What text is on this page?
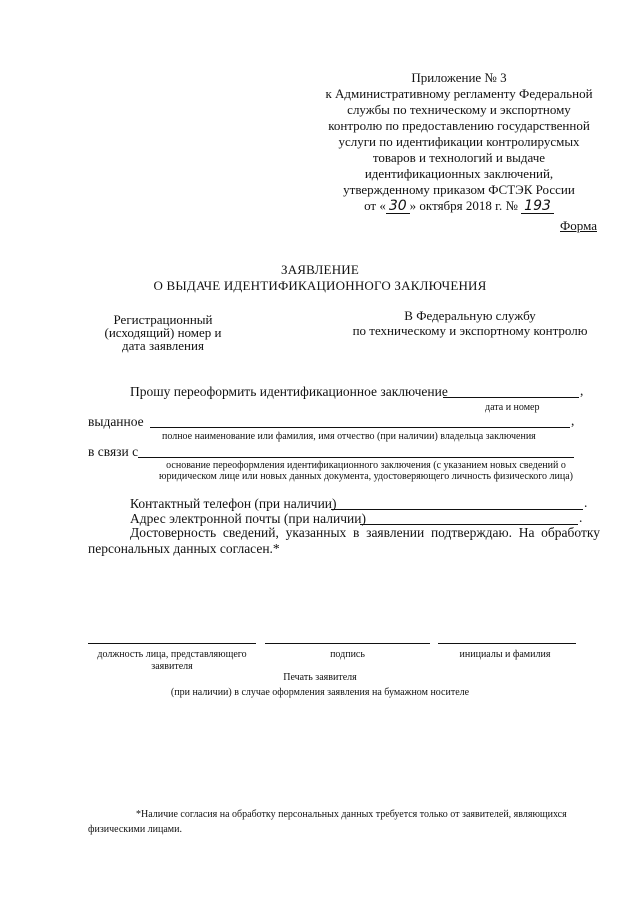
Приложение № 3
к Административному регламенту Федеральной
службы по техническому и экспортному
контролю по предоставлению государственной
услуги по идентификации контролирусмых
товаров и технологий и выдаче
идентификационных заключений,
утвержденному приказом ФСТЭК России
от « 30 » октября 2018 г. № 193
Форма
ЗАЯВЛЕНИЕ
О ВЫДАЧЕ ИДЕНТИФИКАЦИОННОГО ЗАКЛЮЧЕНИЯ
Регистрационный
(исходящий) номер и
дата заявления
В Федеральную службу
по техническому и экспортному контролю
Прошу переоформить идентификационное заключение	,
дата и номер
выданное	,
полное наименование или фамилия, имя отчество (при наличии) владельца заключения
в связи с
основание переоформления идентификационного заключения (с указанием новых сведений о
юридическом лице или новых данных документа, удостоверяющего личность физического лица)
Контактный телефон (при наличии)	.
Адрес электронной почты (при наличии)	.
Достоверность сведений, указанных в заявлении подтверждаю. На обработку
персональных данных согласен.*
должность лица, представляющего
заявителя
подпись	инициалы и фамилия
Печать заявителя
(при наличии) в случае оформления заявления на бумажном носителе
*Наличие согласия на обработку персональных данных требуется только от заявителей, являющихся
физическими лицами.
